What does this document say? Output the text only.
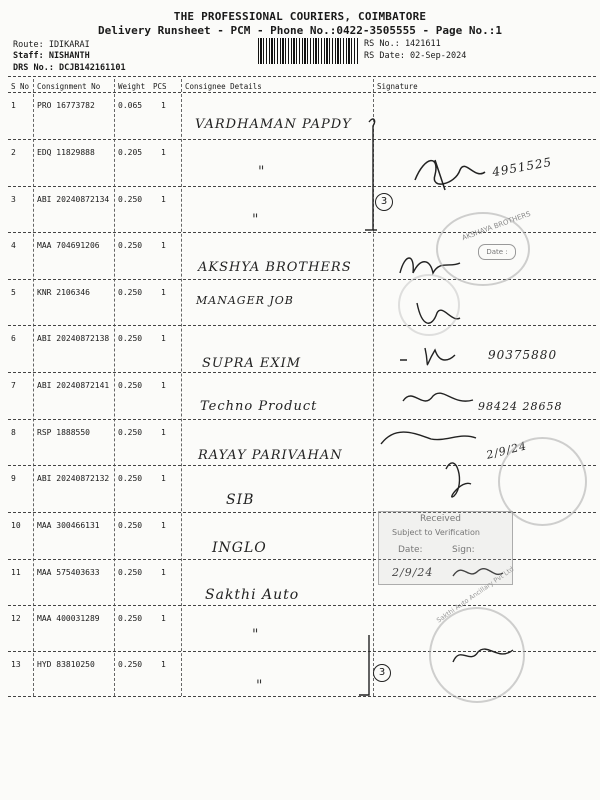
THE PROFESSIONAL COURIERS, COIMBATORE
Delivery Runsheet - PCM - Phone No.:0422-3505555 - Page No.:1
Route: IDIKARAI
Staff: NISHANTH
DRS No.: DCJB142161101
RS No.: 1421611
RS Date: 02-Sep-2024
S No Consignment No Weight PCS Consignee Details	Signature
1	PRO 16773782	0.065 1
VARDHAMAN PAPDY
2	EDQ 11829888	0.205 1
"	4951525
3	ABI 20240872134 0.250 1
"
4	MAA 704691206 0.250 1
AKSHYA BROTHERS
5	KNR 2106346	0.250 1
MANAGER JOB
6	ABI 20240872138 0.250 1
SUPRA EXIM
90375880
7	ABI 20240872141 0.250 1
Techno Product	98424 28658
8	RSP 1888550	0.250 1
RAYAY PARIVAHAN	2/9/24
9	ABI 20240872132 0.250 1
SIB
10 MAA 300466131 0.250 1
INGLO
11 MAA 575403633 0.250 1
Sakthi Auto
2/9/24
12 MAA 400031289 0.250 1
"
13 HYD 83810250	0.250 1
"
3
3
AKSHAYA BROTHERS
Date :
Received
Subject to Verification
Date:	Sign:
Sakthi Auto Ancillary Pvt Ltd
